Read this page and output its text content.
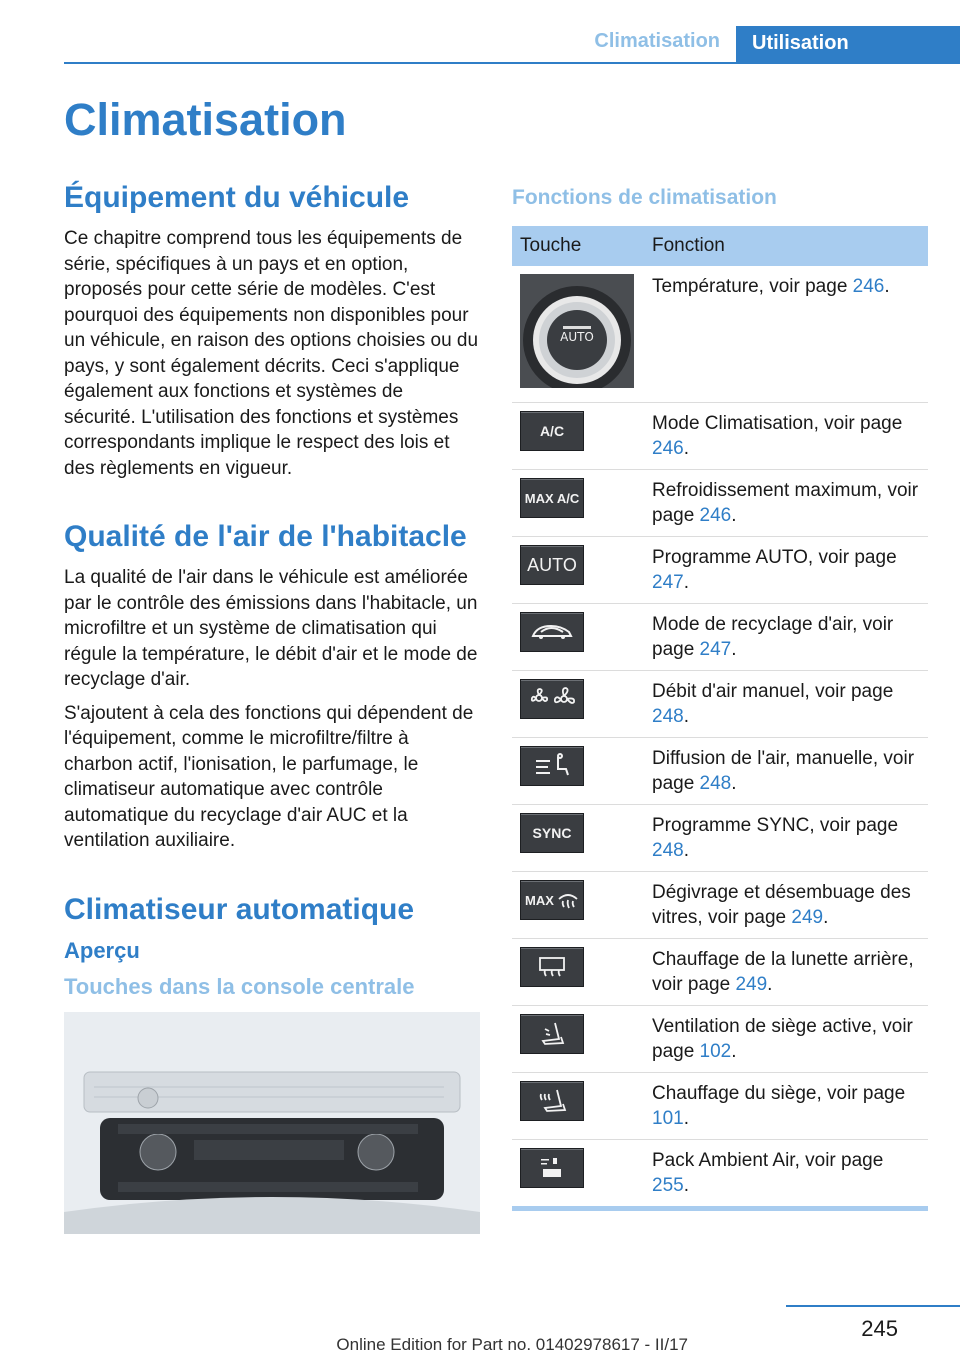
Climatisation	Utilisation
Climatisation
Équipement du véhicule

Ce chapitre comprend tous les équipements de série, spécifiques à un pays et en option, proposés pour cette série de modèles. C'est pourquoi des équipements non disponibles pour un véhicule, en raison des options choisies ou du pays, y sont également décrits. Ceci s'applique également aux fonctions et systèmes de sécurité. L'utilisation des fonctions et systèmes correspondants implique le respect des lois et des règlements en vigueur.

Qualité de l'air de l'habitacle

La qualité de l'air dans le véhicule est améliorée par le contrôle des émissions dans l'habitacle, un microfiltre et un système de climatisation qui régule la température, le débit d'air et le mode de recyclage d'air.

S'ajoutent à cela des fonctions qui dépendent de l'équipement, comme le microfiltre/filtre à charbon actif, l'ionisation, le parfumage, le climatiseur automatique avec contrôle automatique du recyclage d'air AUC et la ventilation auxiliaire.

Climatiseur automatique
Aperçu
Touches dans la console centrale
Fonctions de climatisation
Touche	Fonction

AUTO	Température, voir page 246.

A/C	Mode Climatisation, voir page 246.

MAX A/C	Refroidissement maximum, voir page 246.

AUTO	Programme AUTO, voir page 247.

	Mode de recyclage d'air, voir page 247.

	Débit d'air manuel, voir page 248.

	Diffusion de l'air, manuelle, voir page 248.

SYNC	Programme SYNC, voir page 248.

MAX	Dégivrage et désembuage des vitres, voir page 249.

	Chauffage de la lunette arrière, voir page 249.

	Ventilation de siège active, voir page 102.

	Chauffage du siège, voir page 101.

	Pack Ambient Air, voir page 255.
245
Online Edition for Part no. 01402978617 - II/17
